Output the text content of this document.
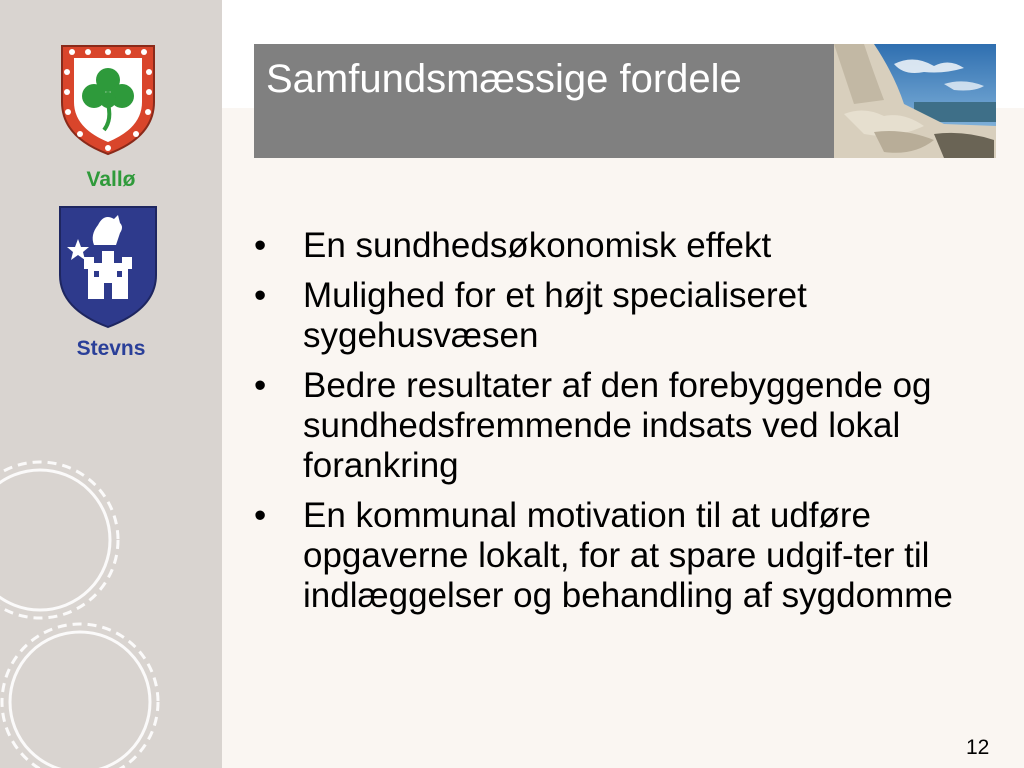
Vallø
Stevns
Samfundsmæssige fordele
• En sundhedsøkonomisk effekt
• Mulighed for et højt specialiseret sygehusvæsen
• Bedre resultater af den forebyggende og sundhedsfremmende indsats ved lokal forankring
• En kommunal motivation til at udføre opgaverne lokalt, for at spare udgif-ter til indlæggelser og behandling af sygdomme
12
